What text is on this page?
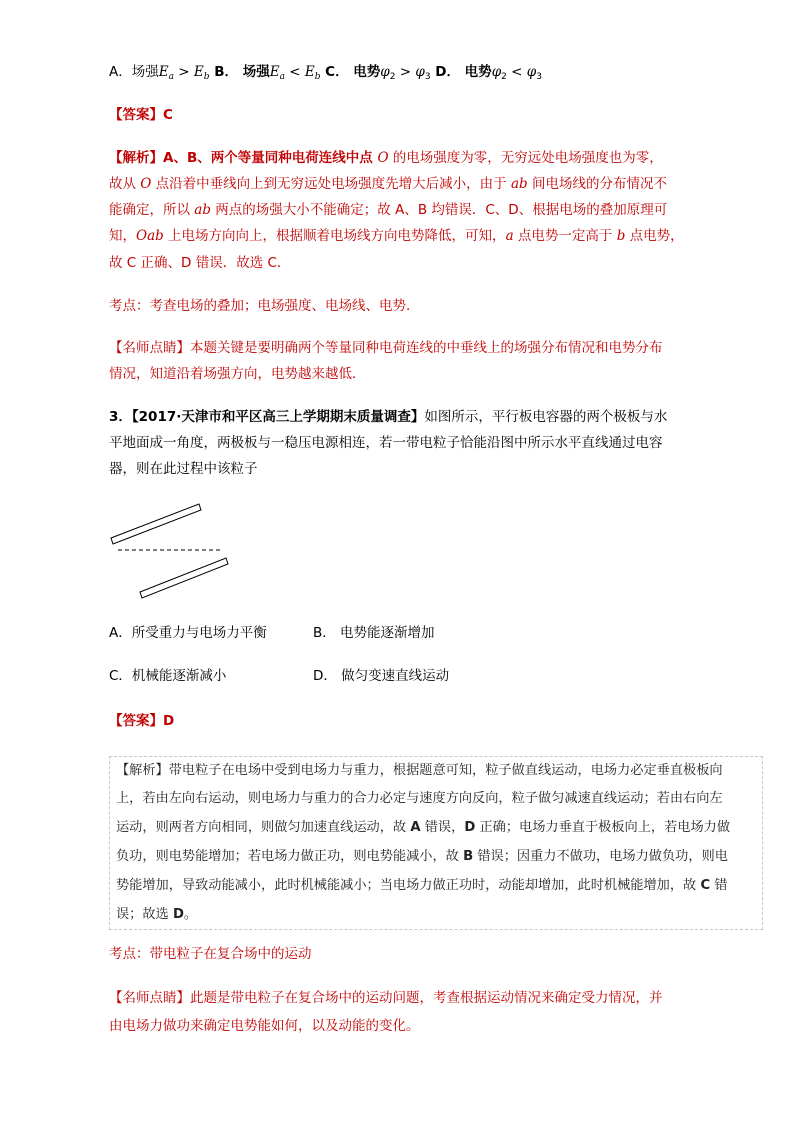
A．场强$E_a > E_b$ B． 场强$E_a < E_b$ C． 电势$\varphi_2 > \varphi_3$ D． 电势$\varphi_2 < \varphi_3$
【答案】C
【解析】A、B、两个等量同种电荷连线中点 O 的电场强度为零，无穷远处电场强度也为零，
故从 O 点沿着中垂线向上到无穷远处电场强度先增大后减小，由于 ab 间电场线的分布情况不
能确定，所以 ab 两点的场强大小不能确定；故 A、B 均错误．C、D、根据电场的叠加原理可
知，Oab 上电场方向向上，根据顺着电场线方向电势降低，可知，a 点电势一定高于 b 点电势，
故 C 正确、D 错误．故选 C．
考点：考查电场的叠加；电场强度、电场线、电势.
【名师点睛】本题关键是要明确两个等量同种电荷连线的中垂线上的场强分布情况和电势分布
情况，知道沿着场强方向，电势越来越低．
3．【2017·天津市和平区高三上学期期末质量调查】如图所示，平行板电容器的两个极板与水
平地面成一角度，两极板与一稳压电源相连，若一带电粒子恰能沿图中所示水平直线通过电容
器，则在此过程中该粒子
A．所受重力与电场力平衡	B． 电势能逐渐增加
C．机械能逐渐减小	D． 做匀变速直线运动
【答案】D
【解析】带电粒子在电场中受到电场力与重力，根据题意可知，粒子做直线运动，电场力必定垂直极板向
上，若由左向右运动，则电场力与重力的合力必定与速度方向反向，粒子做匀减速直线运动；若由右向左
运动，则两者方向相同，则做匀加速直线运动，故 A 错误，D 正确；电场力垂直于极板向上，若电场力做
负功，则电势能增加；若电场力做正功，则电势能减小，故 B 错误；因重力不做功，电场力做负功，则电
势能增加，导致动能减小，此时机械能减小；当电场力做正功时，动能却增加，此时机械能增加，故 C 错
误；故选 D。
考点：带电粒子在复合场中的运动
【名师点睛】此题是带电粒子在复合场中的运动问题，考查根据运动情况来确定受力情况，并
由电场力做功来确定电势能如何，以及动能的变化。
